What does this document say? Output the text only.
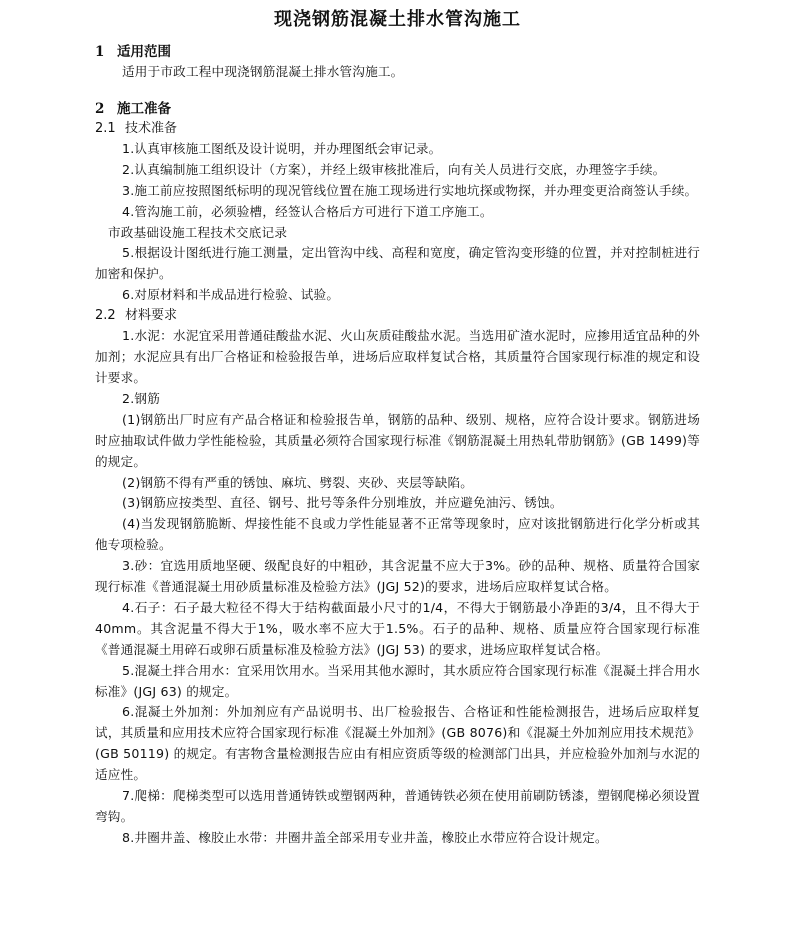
现浇钢筋混凝土排水管沟施工
1 适用范围

适用于市政工程中现浇钢筋混凝土排水管沟施工。

2 施工准备
2.1 技术准备

1.认真审核施工图纸及设计说明，并办理图纸会审记录。

2.认真编制施工组织设计（方案），并经上级审核批准后，向有关人员进行交底，办理签字手续。

3.施工前应按照图纸标明的现况管线位置在施工现场进行实地坑探或物探，并办理变更洽商签认手续。

4.管沟施工前，必须验槽，经签认合格后方可进行下道工序施工。

市政基础设施工程技术交底记录

5.根据设计图纸进行施工测量，定出管沟中线、高程和宽度，确定管沟变形缝的位置，并对控制桩进行加密和保护。

6.对原材料和半成品进行检验、试验。

2.2 材料要求

1.水泥：水泥宜采用普通硅酸盐水泥、火山灰质硅酸盐水泥。当选用矿渣水泥时，应掺用适宜品种的外加剂；水泥应具有出厂合格证和检验报告单，进场后应取样复试合格，其质量符合国家现行标准的规定和设计要求。

2.钢筋

(1)钢筋出厂时应有产品合格证和检验报告单，钢筋的品种、级别、规格，应符合设计要求。钢筋进场时应抽取试件做力学性能检验，其质量必须符合国家现行标准《钢筋混凝土用热轧带肋钢筋》(GB 1499)等的规定。

(2)钢筋不得有严重的锈蚀、麻坑、劈裂、夹砂、夹层等缺陷。

(3)钢筋应按类型、直径、钢号、批号等条件分别堆放，并应避免油污、锈蚀。

(4)当发现钢筋脆断、焊接性能不良或力学性能显著不正常等现象时，应对该批钢筋进行化学分析或其他专项检验。

3.砂：宜选用质地坚硬、级配良好的中粗砂，其含泥量不应大于3%。砂的品种、规格、质量符合国家现行标准《普通混凝土用砂质量标准及检验方法》(JGJ 52)的要求，进场后应取样复试合格。

4.石子：石子最大粒径不得大于结构截面最小尺寸的1/4，不得大于钢筋最小净距的3/4，且不得大于40mm。其含泥量不得大于1%，吸水率不应大于1.5%。石子的品种、规格、质量应符合国家现行标准《普通混凝土用碎石或卵石质量标准及检验方法》(JGJ 53) 的要求，进场应取样复试合格。

5.混凝土拌合用水：宜采用饮用水。当采用其他水源时，其水质应符合国家现行标准《混凝土拌合用水标准》(JGJ 63) 的规定。

6.混凝土外加剂：外加剂应有产品说明书、出厂检验报告、合格证和性能检测报告，进场后应取样复试，其质量和应用技术应符合国家现行标准《混凝土外加剂》(GB 8076)和《混凝土外加剂应用技术规范》(GB 50119) 的规定。有害物含量检测报告应由有相应资质等级的检测部门出具，并应检验外加剂与水泥的适应性。

7.爬梯：爬梯类型可以选用普通铸铁或塑钢两种，普通铸铁必须在使用前刷防锈漆，塑钢爬梯必须设置弯钩。

8.井圈井盖、橡胶止水带：井圈井盖全部采用专业井盖，橡胶止水带应符合设计规定。
